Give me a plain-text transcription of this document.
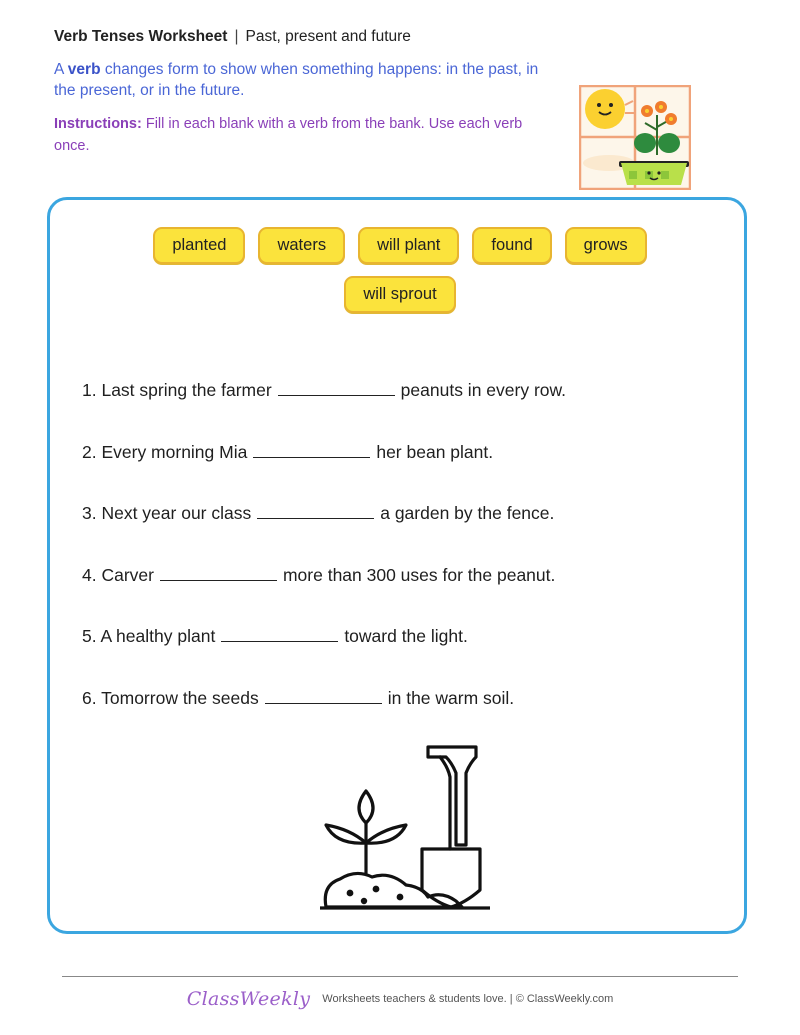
Verb Tenses Worksheet | Past, present and future
A verb changes form to show when something happens: in the past, in the present, or in the future.
Instructions: Fill in each blank with a verb from the bank. Use each verb once.
planted	waters	will plant	found	grows
will sprout
1. Last spring the farmer	peanuts in every row.
2. Every morning Mia	her bean plant.
3. Next year our class	a garden by the fence.
4. Carver	more than 300 uses for the peanut.
5. A healthy plant	toward the light.
6. Tomorrow the seeds	in the warm soil.
ClassWeekly Worksheets teachers & students love. | © ClassWeekly.com
